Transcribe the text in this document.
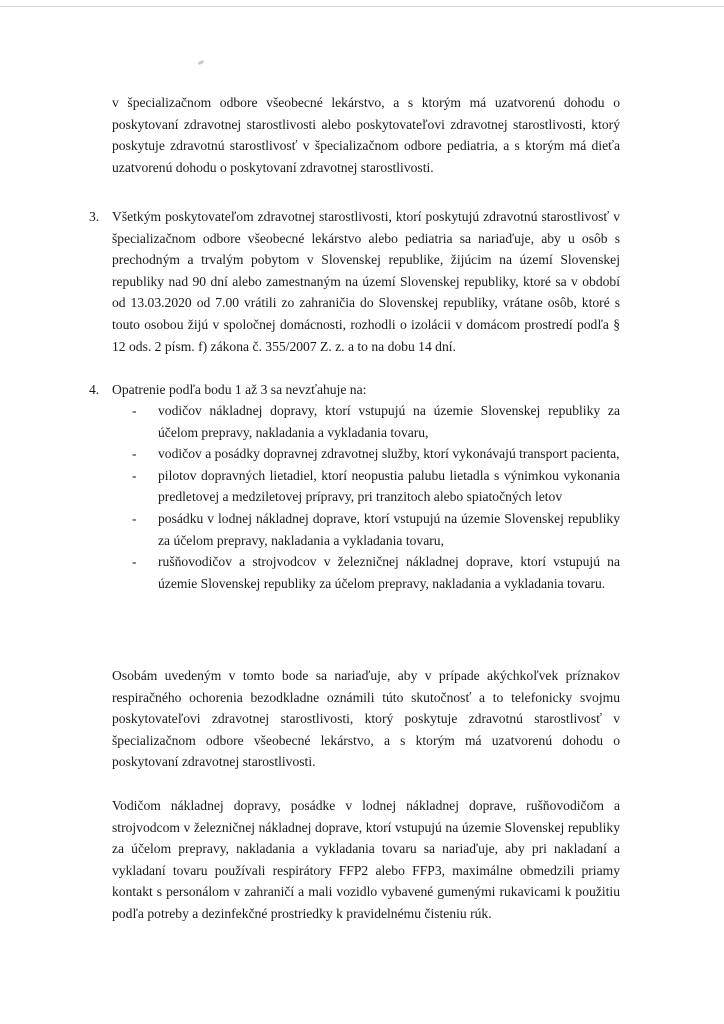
v špecializačnom odbore všeobecné lekárstvo, a s ktorým má uzatvorenú dohodu o poskytovaní zdravotnej starostlivosti alebo poskytovateľovi zdravotnej starostlivosti, ktorý poskytuje zdravotnú starostlivosť v špecializačnom odbore pediatria, a s ktorým má dieťa uzatvorenú dohodu o poskytovaní zdravotnej starostlivosti.

3. Všetkým poskytovateľom zdravotnej starostlivosti, ktorí poskytujú zdravotnú starostlivosť v špecializačnom odbore všeobecné lekárstvo alebo pediatria sa nariaďuje, aby u osôb s prechodným a trvalým pobytom v Slovenskej republike, žijúcim na území Slovenskej republiky nad 90 dní alebo zamestnaným na území Slovenskej republiky, ktoré sa v období od 13.03.2020 od 7.00 vrátili zo zahraničia do Slovenskej republiky, vrátane osôb, ktoré s touto osobou žijú v spoločnej domácnosti, rozhodli o izolácii v domácom prostredí podľa § 12 ods. 2 písm. f) zákona č. 355/2007 Z. z. a to na dobu 14 dní.

4. Opatrenie podľa bodu 1 až 3 sa nevzťahuje na:

- vodičov nákladnej dopravy, ktorí vstupujú na územie Slovenskej republiky za účelom prepravy, nakladania a vykladania tovaru,
- vodičov a posádky dopravnej zdravotnej služby, ktorí vykonávajú transport pacienta,
- pilotov dopravných lietadiel, ktorí neopustia palubu lietadla s výnimkou vykonania predletovej a medziletovej prípravy, pri tranzitoch alebo spiatočných letov
- posádku v lodnej nákladnej doprave, ktorí vstupujú na územie Slovenskej republiky za účelom prepravy, nakladania a vykladania tovaru,
- rušňovodičov a strojvodcov v železničnej nákladnej doprave, ktorí vstupujú na územie Slovenskej republiky za účelom prepravy, nakladania a vykladania tovaru.

Osobám uvedeným v tomto bode sa nariaďuje, aby v prípade akýchkoľvek príznakov respiračného ochorenia bezodkladne oznámili túto skutočnosť a to telefonicky svojmu poskytovateľovi zdravotnej starostlivosti, ktorý poskytuje zdravotnú starostlivosť v špecializačnom odbore všeobecné lekárstvo, a s ktorým má uzatvorenú dohodu o poskytovaní zdravotnej starostlivosti.

Vodičom nákladnej dopravy, posádke v lodnej nákladnej doprave, rušňovodičom a strojvodcom v železničnej nákladnej doprave, ktorí vstupujú na územie Slovenskej republiky za účelom prepravy, nakladania a vykladania tovaru sa nariaďuje, aby pri nakladaní a vykladaní tovaru používali respirátory FFP2 alebo FFP3, maximálne obmedzili priamy kontakt s personálom v zahraničí a mali vozidlo vybavené gumenými rukavicami k použitiu podľa potreby a dezinfekčné prostriedky k pravidelnému čisteniu rúk.
